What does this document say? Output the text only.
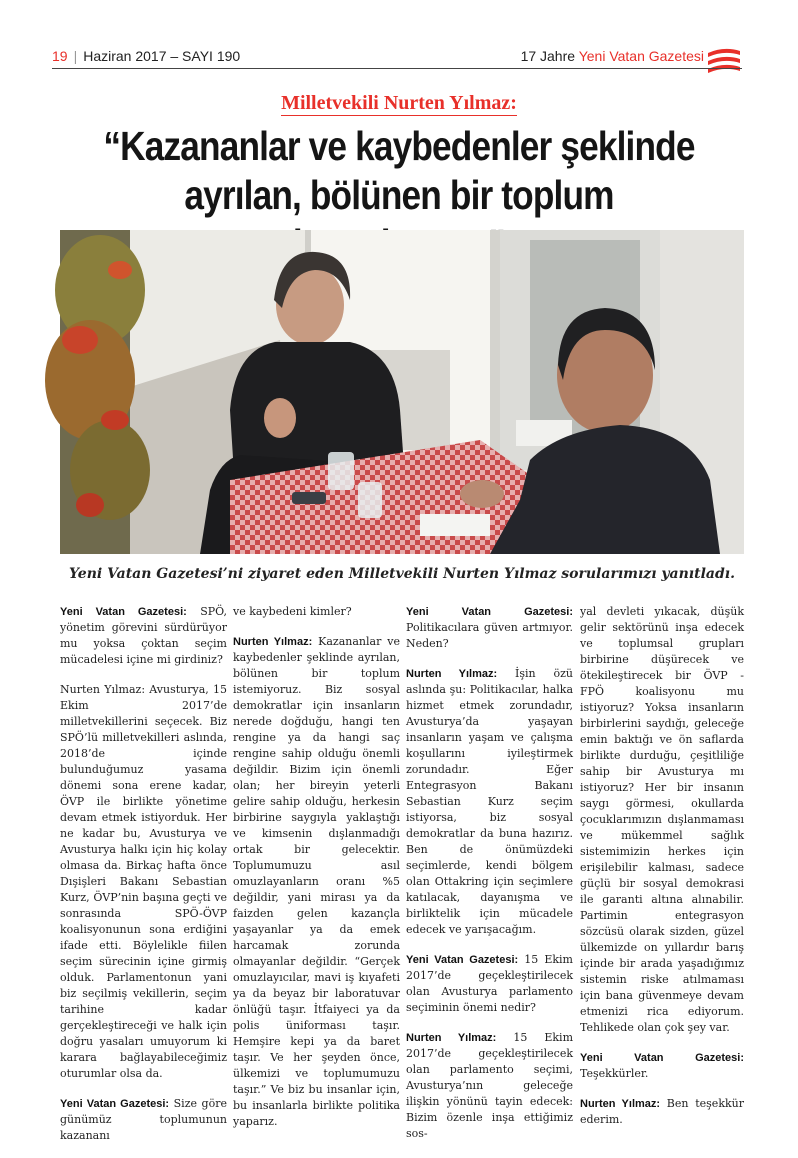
19 | Haziran 2017 – SAYI 190	17 Jahre Yeni Vatan Gazetesi
Milletvekili Nurten Yılmaz:
“Kazananlar ve kaybedenler şeklinde
ayrılan, bölünen bir toplum
Yeni Vatan Gazetesi’ni ziyaret eden Milletvekili Nurten Yılmaz sorularımızı yanıtladı.

Yeni Vatan Gazetesi: SPÖ, yönetim görevini sürdürüyor mu yoksa çoktan seçim mücadelesi içine mi girdiniz?

Nurten Yılmaz: Avusturya, 15 Ekim 2017’de milletvekillerini seçecek. Biz SPÖ’lü milletvekilleri aslında, 2018’de içinde bulunduğumuz yasama dönemi sona erene kadar, ÖVP ile birlikte yönetime devam etmek istiyorduk. Her ne kadar bu, Avusturya ve Avusturya halkı için hiç kolay olmasa da. Birkaç hafta önce Dışişleri Bakanı Sebastian Kurz, ÖVP’nin başına geçti ve sonrasında SPÖ-ÖVP koalisyonunun sona erdiğini ifade etti. Böylelikle fiilen seçim sürecinin içine girmiş olduk. Parlamentonun yani biz seçilmiş vekillerin, seçim tarihine kadar gerçekleştireceği ve halk için doğru yasaları umuyorum ki karara bağlayabileceğimiz oturumlar olsa da.

Yeni Vatan Gazetesi: Size göre günümüz toplumunun kazananı

ve kaybedeni kimler?

Nurten Yılmaz: Kazananlar ve kaybedenler şeklinde ayrılan, bölünen bir toplum istemiyoruz. Biz sosyal demokratlar için insanların nerede doğduğu, hangi ten rengine ya da hangi saç rengine sahip olduğu önemli değildir. Bizim için önemli olan; her bireyin yeterli gelire sahip olduğu, herkesin birbirine saygıyla yaklaştığı ve kimsenin dışlanmadığı ortak bir gelecektir. Toplumumuzu asıl omuzlayanların oranı %5 değildir, yani mirası ya da faizden gelen kazançla yaşayanlar ya da emek harcamak zorunda olmayanlar değildir. “Gerçek omuzlayıcılar, mavi iş kıyafeti ya da beyaz bir laboratuvar önlüğü taşır. İtfaiyeci ya da polis üniforması taşır. Hemşire kepi ya da baret taşır. Ve her şeyden önce, ülkemizi ve toplumumuzu taşır.” Ve biz bu insanlar için, bu insanlarla birlikte politika yaparız.

Yeni Vatan Gazetesi: Politikacılara güven artmıyor. Neden?

Nurten Yılmaz: İşin özü aslında şu: Politikacılar, halka hizmet etmek zorundadır, Avusturya’da yaşayan insanların yaşam ve çalışma koşullarını iyileştirmek zorundadır. Eğer Entegrasyon Bakanı Sebastian Kurz seçim istiyorsa, biz sosyal demokratlar da buna hazırız. Ben de önümüzdeki seçimlerde, kendi bölgem olan Ottakring için seçimlere katılacak, dayanışma ve birliktelik için mücadele edecek ve yarışacağım.

Yeni Vatan Gazetesi: 15 Ekim 2017’de geçekleştirilecek olan Avusturya parlamento seçiminin önemi nedir?

Nurten Yılmaz: 15 Ekim 2017’de geçekleştirilecek olan parlamento seçimi, Avusturya’nın geleceğe ilişkin yönünü tayin edecek: Bizim özenle inşa ettiğimiz sos-

yal devleti yıkacak, düşük gelir sektörünü inşa edecek ve toplumsal grupları birbirine düşürecek ve ötekileştirecek bir ÖVP - FPÖ koalisyonu mu istiyoruz? Yoksa insanların birbirlerini saydığı, geleceğe emin baktığı ve ön saflarda birlikte durduğu, çeşitliliğe sahip bir Avusturya mı istiyoruz? Her bir insanın saygı görmesi, okullarda çocuklarımızın dışlanmaması ve mükemmel sağlık sistemimizin herkes için erişilebilir kalması, sadece güçlü bir sosyal demokrasi ile garanti altına alınabilir. Partimin entegrasyon sözcüsü olarak sizden, güzel ülkemizde on yıllardır barış içinde bir arada yaşadığımız sistemin riske atılmaması için bana güvenmeye devam etmenizi rica ediyorum. Tehlikede olan çok şey var.

Yeni Vatan Gazetesi: Teşekkürler.

Nurten Yılmaz: Ben teşekkür ederim.
